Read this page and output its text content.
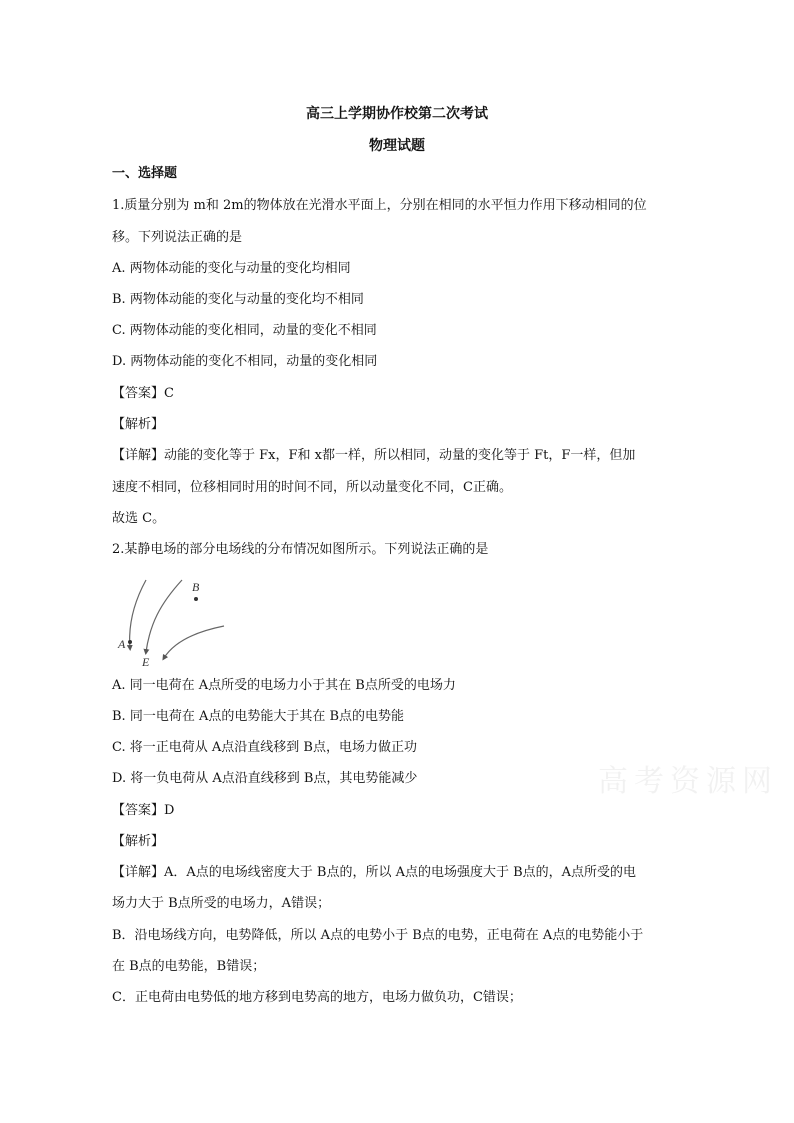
高三上学期协作校第二次考试
物理试题
一、选择题
1.质量分别为 m和 2m的物体放在光滑水平面上，分别在相同的水平恒力作用下移动相同的位
移。下列说法正确的是
A. 两物体动能的变化与动量的变化均相同
B. 两物体动能的变化与动量的变化均不相同
C. 两物体动能的变化相同，动量的变化不相同
D. 两物体动能的变化不相同，动量的变化相同
【答案】C
【解析】
【详解】动能的变化等于 Fx，F和 x都一样，所以相同，动量的变化等于 Ft，F一样，但加
速度不相同，位移相同时用的时间不同，所以动量变化不同，C正确。
故选 C。
2.某静电场的部分电场线的分布情况如图所示。下列说法正确的是
A
B
E
A. 同一电荷在 A点所受的电场力小于其在 B点所受的电场力
B. 同一电荷在 A点的电势能大于其在 B点的电势能
C. 将一正电荷从 A点沿直线移到 B点，电场力做正功
D. 将一负电荷从 A点沿直线移到 B点，其电势能减少
【答案】D
【解析】
【详解】A．A点的电场线密度大于 B点的，所以 A点的电场强度大于 B点的，A点所受的电
场力大于 B点所受的电场力，A错误；
B．沿电场线方向，电势降低，所以 A点的电势小于 B点的电势，正电荷在 A点的电势能小于
在 B点的电势能，B错误；
C．正电荷由电势低的地方移到电势高的地方，电场力做负功，C错误；
高考资源网
